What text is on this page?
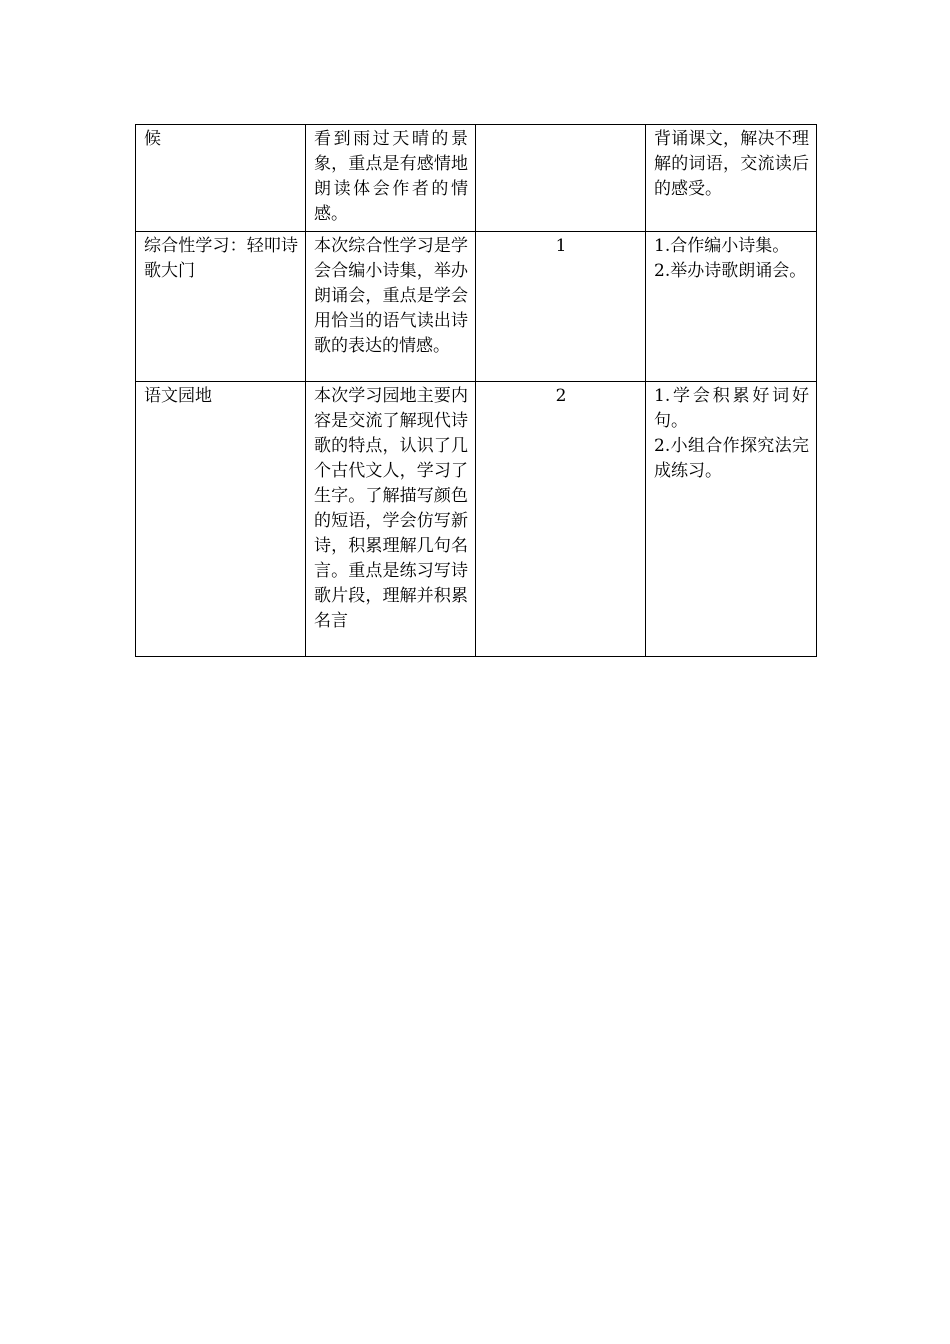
候	看到雨过天晴的景象，重点是有感情地朗读体会作者的情感。		背诵课文，解决不理解的词语，交流读后的感受。

综合性学习：轻叩诗歌大门	本次综合性学习是学会合编小诗集，举办朗诵会，重点是学会用恰当的语气读出诗歌的表达的情感。	1	1.合作编小诗集。
2.举办诗歌朗诵会。

语文园地	本次学习园地主要内容是交流了解现代诗歌的特点，认识了几个古代文人，学习了生字。了解描写颜色的短语，学会仿写新诗，积累理解几句名言。重点是练习写诗歌片段，理解并积累名言	2	1.学会积累好词好句。
2.小组合作探究法完成练习。
